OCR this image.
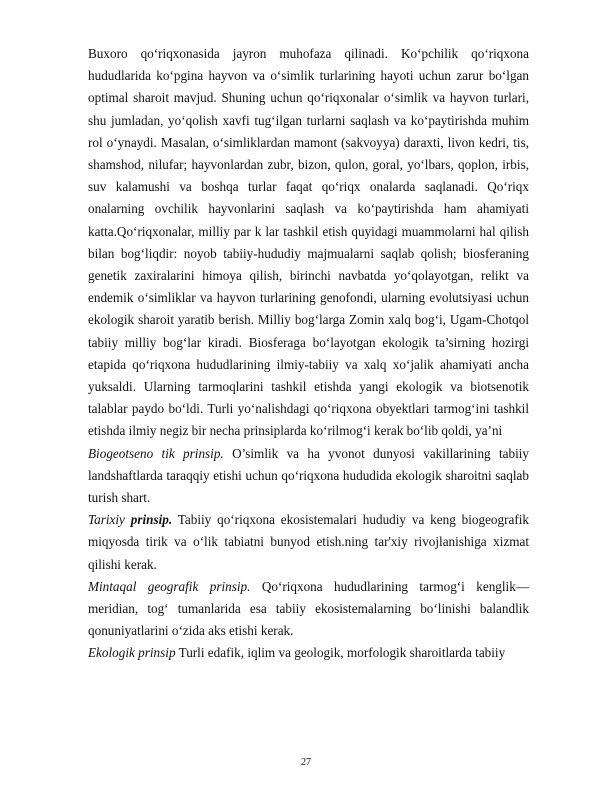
Buxoro qo‘riqxonasida jayron muhofaza qilinadi. Ko‘pchilik qo‘riqxona hududlarida ko‘pgina hayvon va o‘simlik turlarining hayoti uchun zarur bo‘lgan optimal sharoit mavjud. Shuning uchun qo‘riqxonalar o‘simlik va hayvon turlari, shu jumladan, yo‘qolish xavfi tug‘ilgan turlarni saqlash va ko‘paytirishda muhim rol o‘ynaydi. Masalan, o‘simliklardan mamont (sakvoyya) daraxti, livon kedri, tis, shamshod, nilufar; hayvonlardan zubr, bizon, qulon, goral, yo‘lbars, qoplon, irbis, suv kalamushi va boshqa turlar faqat qo‘riqx onalarda saqlanadi. Qo‘riqx onalarning ovchilik hayvonlarini saqlash va ko‘paytirishda ham ahamiyati katta.Qo‘riqxonalar, milliy par k lar tashkil etish quyidagi muammolarni hal qilish bilan bog‘liqdir: noyob tabiiy-hududiy majmualarni saqlab qolish; biosferaning genetik zaxiralarini himoya qilish, birinchi navbatda yo‘qolayotgan, relikt va endemik o‘simliklar va hayvon turlarining genofondi, ularning evolutsiyasi uchun ekologik sharoit yaratib berish. Milliy bog‘larga Zomin xalq bog‘i, Ugam-Chotqol tabiiy milliy bog‘lar kiradi. Biosferaga bo‘layotgan ekologik ta’sirning hozirgi etapida qo‘riqxona hududlarining ilmiy-tabiiy va xalq xo‘jalik ahamiyati ancha yuksaldi. Ularning tarmoqlarini tashkil etishda yangi ekologik va biotsenotik talablar paydo bo‘ldi. Turli yo‘nalishdagi qo‘riqxona obyektlari tarmog‘ini tashkil etishda ilmiy negiz bir necha prinsiplarda ko‘rilmog‘i kerak bo‘lib qoldi, ya’ni

Biogeotseno tik prinsip. O’simlik va ha yvonot dunyosi vakillarining tabiiy landshaftlarda taraqqiy etishi uchun qo‘riqxona hududida ekologik sharoitni saqlab turish shart.

Tarixiy prinsip. Tabiiy qo‘riqxona ekosistemalari hududiy va keng biogeografik miqyosda tirik va o‘lik tabiatni bunyod etish.ning tar'xiy rivojlanishiga xizmat qilishi kerak.

Mintaqal geografik prinsip. Qo‘riqxona hududlarining tarmog‘i kenglik—meridian, tog‘ tumanlarida esa tabiiy ekosistemalarning bo‘linishi balandlik qonuniyatlarini o‘zida aks etishi kerak.

Ekologik prinsip Turli edafik, iqlim va geologik, morfologik sharoitlarda tabiiy

27
